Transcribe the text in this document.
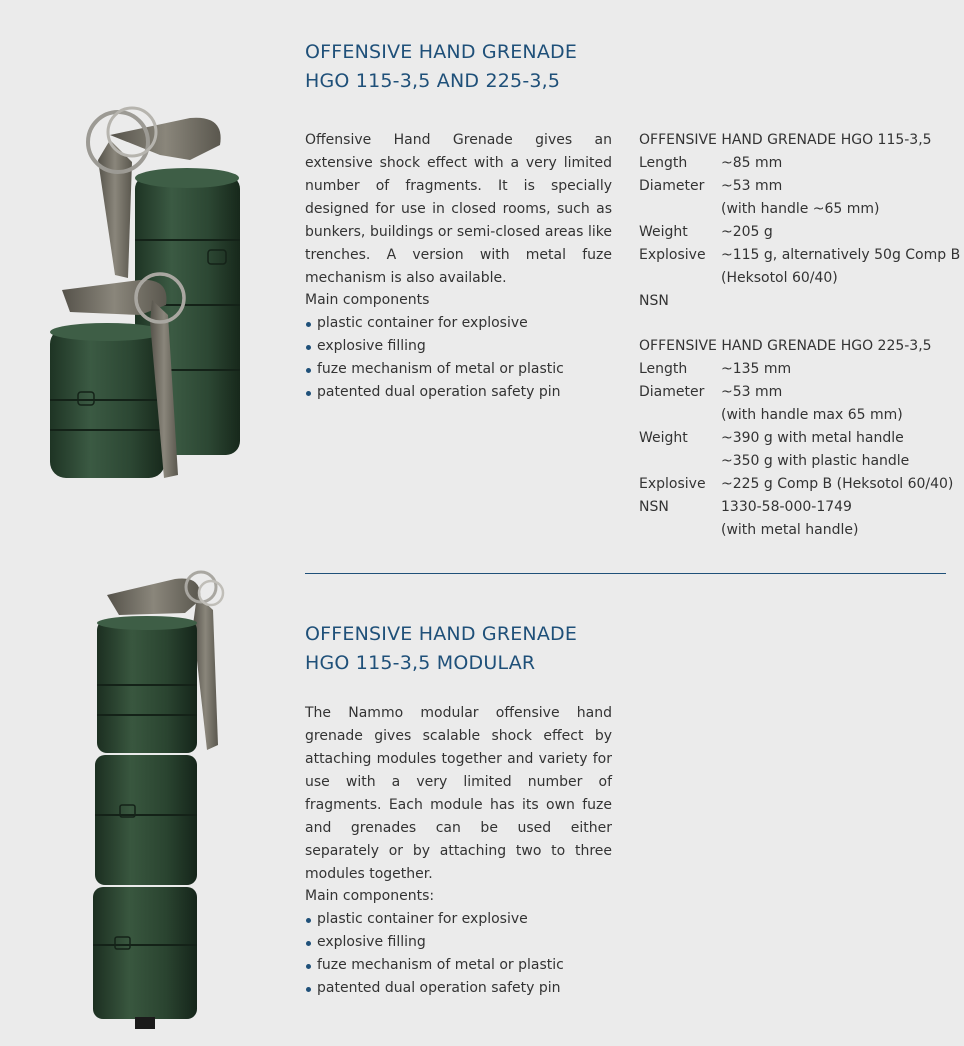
OFFENSIVE HAND GRENADE
HGO 115-3,5 AND 225-3,5

Offensive Hand Grenade gives an extensive shock effect with a very limited number of fragments. It is specially designed for use in closed rooms, such as bunkers, buildings or semi-closed areas like trenches. A version with metal fuze mechanism is also available.

Main components

plastic container for explosive
explosive filling
fuze mechanism of metal or plastic
patented dual operation safety pin
OFFENSIVE HAND GRENADE HGO 115-3,5
Length	~85 mm
Diameter	~53 mm
(with handle ~65 mm)
Weight	~205 g
Explosive	~115 g, alternatively 50g Comp B
(Heksotol 60/40)
NSN
OFFENSIVE HAND GRENADE HGO 225-3,5
Length	~135 mm
Diameter	~53 mm
(with handle max 65 mm)
Weight	~390 g with metal handle
~350 g with plastic handle
Explosive	~225 g Comp B (Heksotol 60/40)
NSN	1330-58-000-1749
(with metal handle)
OFFENSIVE HAND GRENADE
HGO 115-3,5 MODULAR

The Nammo modular offensive hand grenade gives scalable shock effect by attaching modules together and variety for use with a very limited number of fragments. Each module has its own fuze and grenades can be used either separately or by attaching two to three modules together.

Main components:

plastic container for explosive
explosive filling
fuze mechanism of metal or plastic
patented dual operation safety pin
